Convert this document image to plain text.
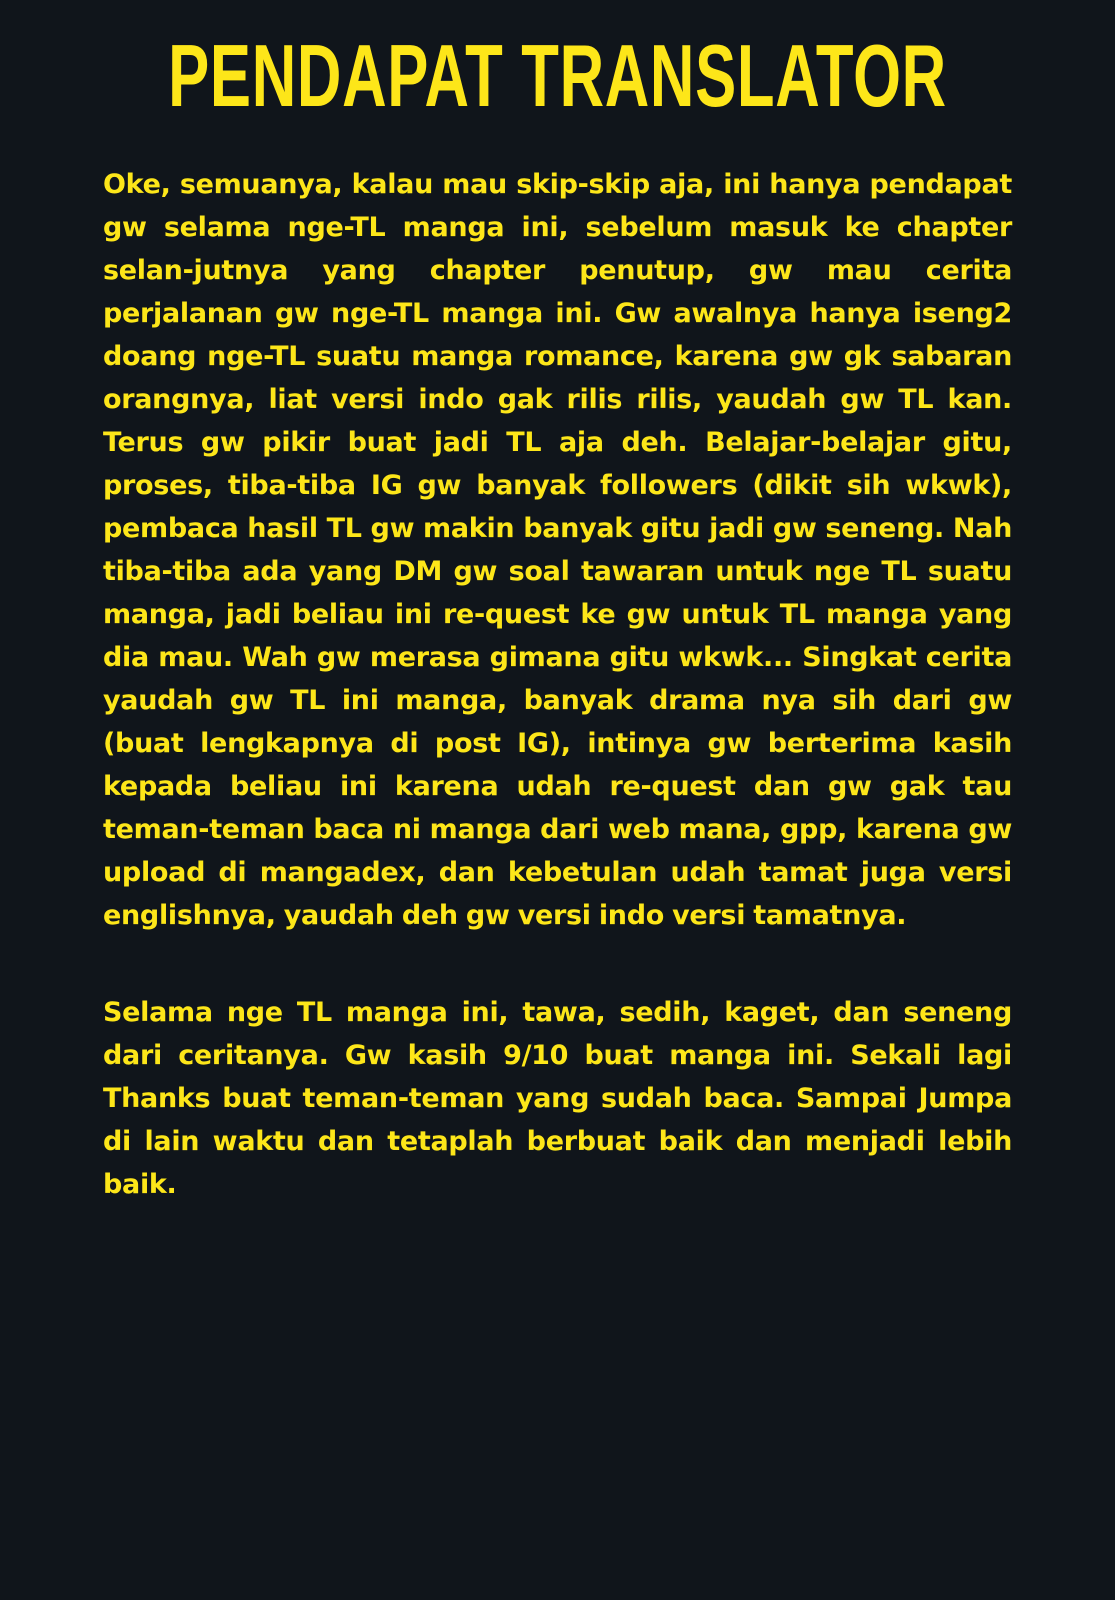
PENDAPAT TRANSLATOR

Oke, semuanya, kalau mau skip-skip aja, ini hanya pendapat gw selama nge-TL manga ini, sebelum masuk ke chapter selan-jutnya yang chapter penutup, gw mau cerita perjalanan gw nge-TL manga ini. Gw awalnya hanya iseng2 doang nge-TL suatu manga romance, karena gw gk sabaran orangnya, liat versi indo gak rilis rilis, yaudah gw TL kan. Terus gw pikir buat jadi TL aja deh. Belajar-belajar gitu, proses, tiba-tiba IG gw banyak followers (dikit sih wkwk), pembaca hasil TL gw makin banyak gitu jadi gw seneng. Nah tiba-tiba ada yang DM gw soal tawaran untuk nge TL suatu manga, jadi beliau ini re-quest ke gw untuk TL manga yang dia mau. Wah gw merasa gimana gitu wkwk... Singkat cerita yaudah gw TL ini manga, banyak drama nya sih dari gw (buat lengkapnya di post IG), intinya gw berterima kasih kepada beliau ini karena udah re-quest dan gw gak tau teman-teman baca ni manga dari web mana, gpp, karena gw upload di mangadex, dan kebetulan udah tamat juga versi englishnya, yaudah deh gw versi indo versi tamatnya.

Selama nge TL manga ini, tawa, sedih, kaget, dan seneng dari ceritanya. Gw kasih 9/10 buat manga ini. Sekali lagi Thanks buat teman-teman yang sudah baca. Sampai Jumpa di lain waktu dan tetaplah berbuat baik dan menjadi lebih baik.
